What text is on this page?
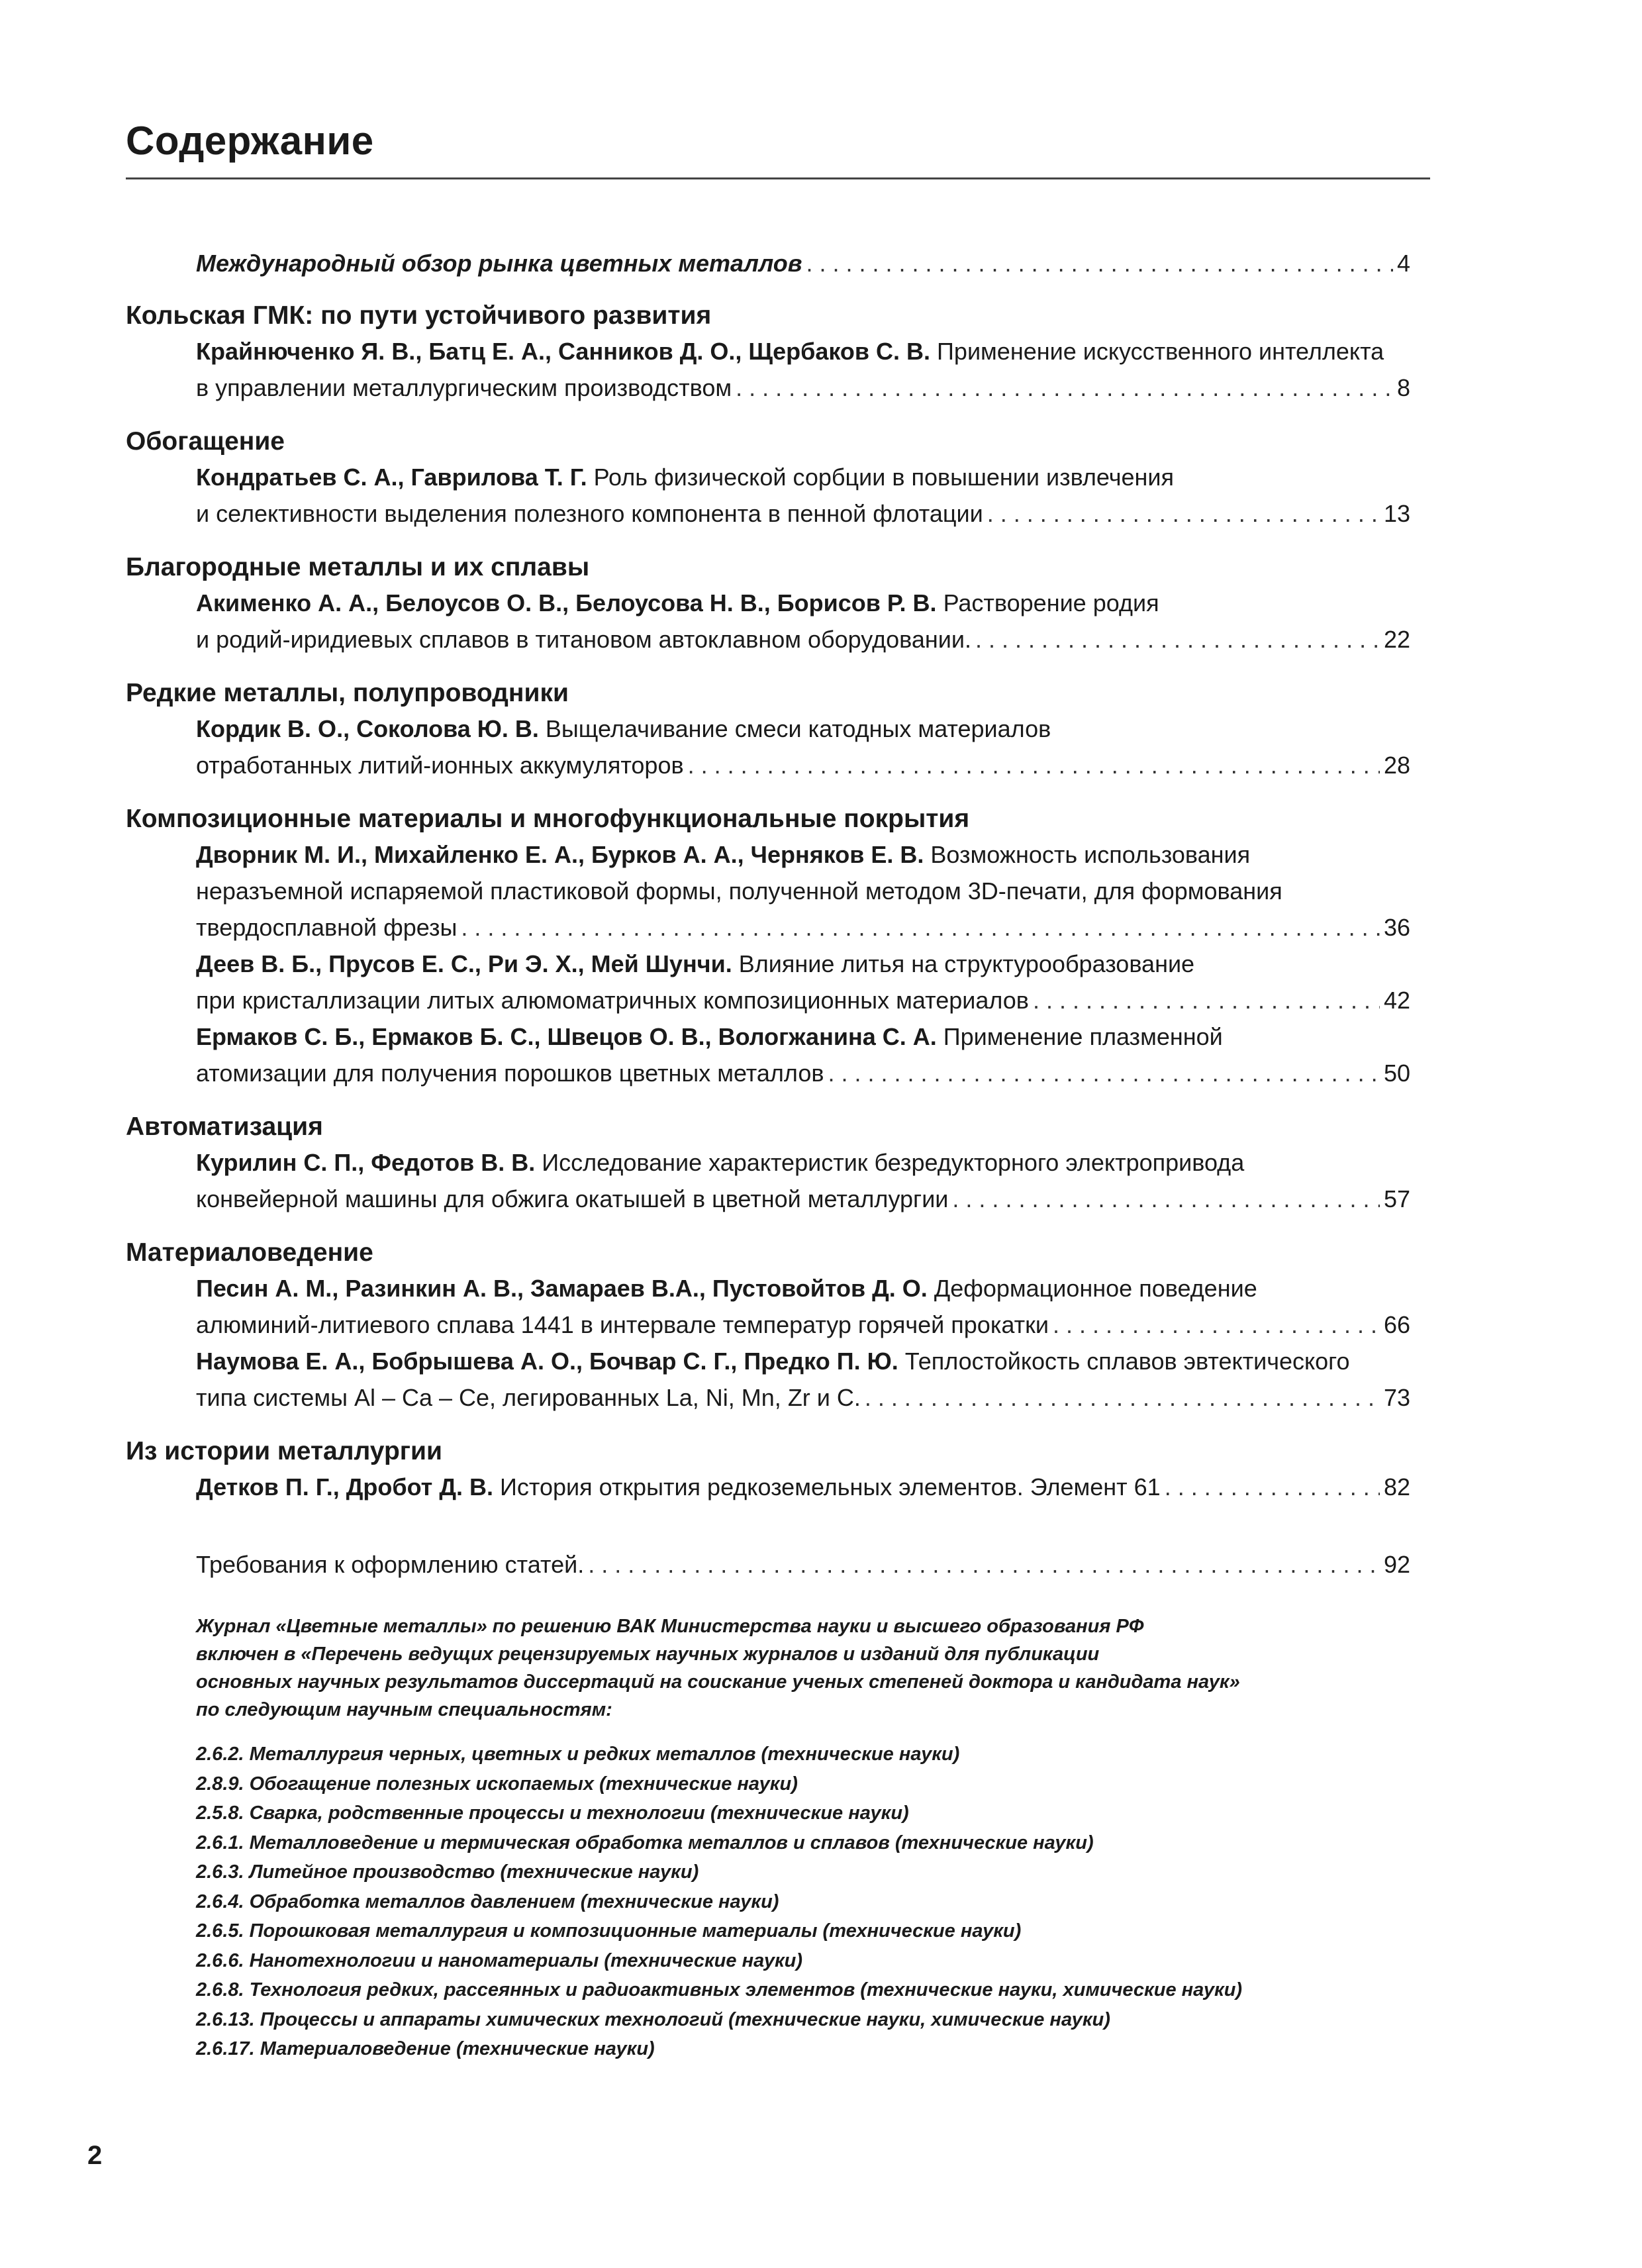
Содержание
Международный обзор рынка цветных металлов . . .	4
Кольская ГМК: по пути устойчивого развития
Крайнюченко Я. В., Батц Е. А., Санников Д. О., Щербаков С. В. Применение искусственного интеллекта
в управлении металлургическим производством . . .	8
Обогащение
Кондратьев С. А., Гаврилова Т. Г. Роль физической сорбции в повышении извлечения
и селективности выделения полезного компонента в пенной флотации . . .	13
Благородные металлы и их сплавы
Акименко А. А., Белоусов О. В., Белоусова Н. В., Борисов Р. В. Растворение родия
и родий-иридиевых сплавов в титановом автоклавном оборудовании. . . .	22
Редкие металлы, полупроводники
Кордик В. О., Соколова Ю. В. Выщелачивание смеси катодных материалов
отработанных литий-ионных аккумуляторов . . .	28
Композиционные материалы и многофункциональные покрытия
Дворник М. И., Михайленко Е. А., Бурков А. А., Черняков Е. В. Возможность использования
неразъемной испаряемой пластиковой формы, полученной методом 3D-печати, для формования
твердосплавной фрезы . . .	36
Деев В. Б., Прусов Е. С., Ри Э. Х., Мей Шунчи. Влияние литья на структурообразование
при кристаллизации литых алюмоматричных композиционных материалов . . .	42
Ермаков С. Б., Ермаков Б. С., Швецов О. В., Вологжанина С. А. Применение плазменной
атомизации для получения порошков цветных металлов . . .	50
Автоматизация
Курилин С. П., Федотов В. В. Исследование характеристик безредукторного электропривода
конвейерной машины для обжига окатышей в цветной металлургии . . .	57
Материаловедение
Песин А. М., Разинкин А. В., Замараев В.А., Пустовойтов Д. О. Деформационное поведение
алюминий-литиевого сплава 1441 в интервале температур горячей прокатки . . .	66
Наумова Е. А., Бобрышева А. О., Бочвар С. Г., Предко П. Ю. Теплостойкость сплавов эвтектического
типа системы Al – Ca – Ce, легированных La, Ni, Mn, Zr и C. . . .	73
Из истории металлургии
Детков П. Г., Дробот Д. В. История открытия редкоземельных элементов. Элемент 61 . . .	82
Требования к оформлению статей. . . .	92

Журнал «Цветные металлы» по решению ВАК Министерства науки и высшего образования РФ

включен в «Перечень ведущих рецензируемых научных журналов и изданий для публикации

основных научных результатов диссертаций на соискание ученых степеней доктора и кандидата наук»

по следующим научным специальностям:

2.6.2. Металлургия черных, цветных и редких металлов (технические науки)

2.8.9. Обогащение полезных ископаемых (технические науки)

2.5.8. Сварка, родственные процессы и технологии (технические науки)

2.6.1. Металловедение и термическая обработка металлов и сплавов (технические науки)

2.6.3. Литейное производство (технические науки)

2.6.4. Обработка металлов давлением (технические науки)

2.6.5. Порошковая металлургия и композиционные материалы (технические науки)

2.6.6. Нанотехнологии и наноматериалы (технические науки)

2.6.8. Технология редких, рассеянных и радиоактивных элементов (технические науки, химические науки)

2.6.13. Процессы и аппараты химических технологий (технические науки, химические науки)

2.6.17. Материаловедение (технические науки)

2
